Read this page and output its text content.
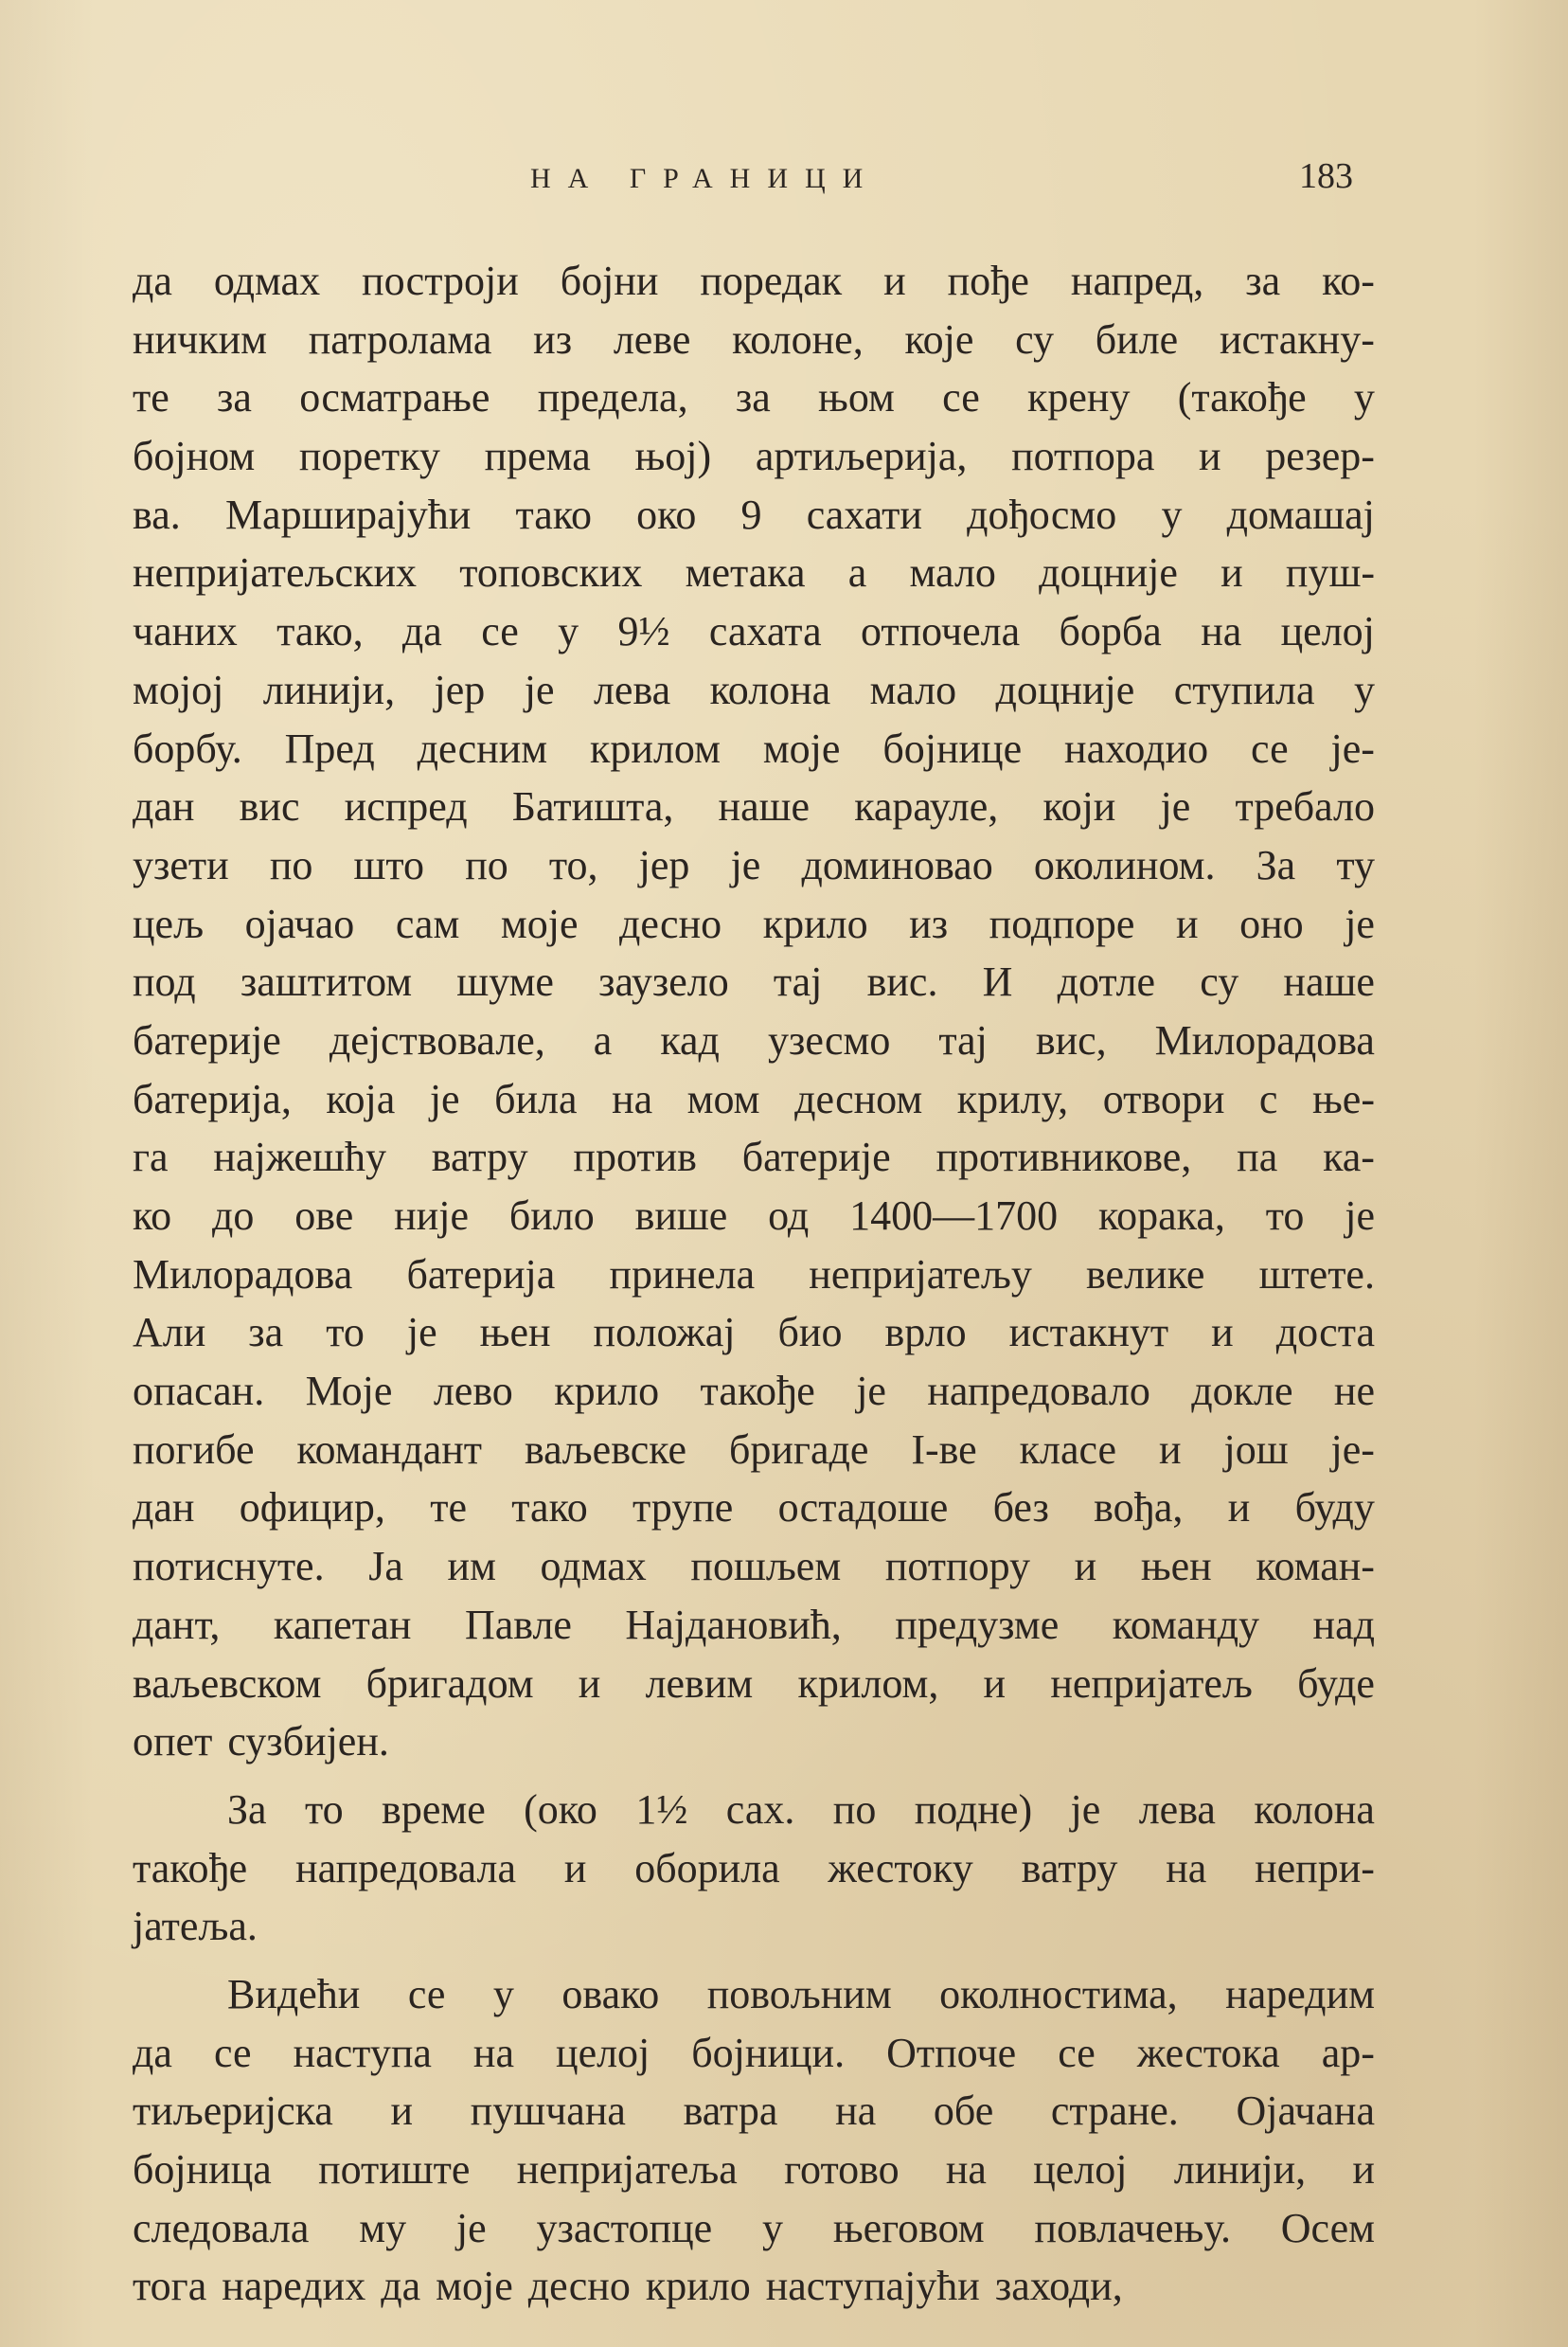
НА ГРАНИЦИ	183
да одмах построји бојни поредак и пође напред, за ко-
ничким патролама из леве колоне, које су биле истакну-
те за осматрање предела, за њом се крену (такође у
бојном поретку према њој) артиљерија, потпора и резер-
ва. Марширајући тако око 9 сахати дођосмо у домашај
непријатељских топовских метака а мало доцније и пуш-
чаних тако, да се у 9½ сахата отпочела борба на целој
мојој линији, јер је лева колона мало доцније ступила у
борбу. Пред десним крилом моје бојнице находио се је-
дан вис испред Батишта, наше карауле, који је требало
узети по што по то, јер је доминовао околином. За ту
цељ ојачао сам моје десно крило из подпоре и оно је
под заштитом шуме заузело тај вис. И дотле су наше
батерије дејствовале, а кад узесмо тај вис, Милорадова
батерија, која је била на мом десном крилу, отвори с ње-
га најжешћу ватру против батерије противникове, па ка-
ко до ове није било више од 1400—1700 корака, то је
Милорадова батерија принела непријатељу велике штете.
Али за то је њен положај био врло истакнут и доста
опасан. Моје лево крило такође је напредовало докле не
погибе командант ваљевске бригаде I-ве класе и још је-
дан официр, те тако трупе остадоше без вођа, и буду
потиснуте. Ја им одмах пошљем потпору и њен коман-
дант, капетан Павле Најдановић, предузме команду над
ваљевском бригадом и левим крилом, и непријатељ буде
опет сузбијен.
За то време (око 1½ сах. по подне) је лева колона
такође напредовала и оборила жестоку ватру на непри-
јатеља.
Видећи се у овако повољним околностима, наредим
да се наступа на целој бојници. Отпоче се жестока ар-
тиљеријска и пушчана ватра на обе стране. Ојачана
бојница потиште непријатеља готово на целој линији, и
следовала му је узастопце у његовом повлачењу. Осем
тога наредих да моје десно крило наступајући заходи,
